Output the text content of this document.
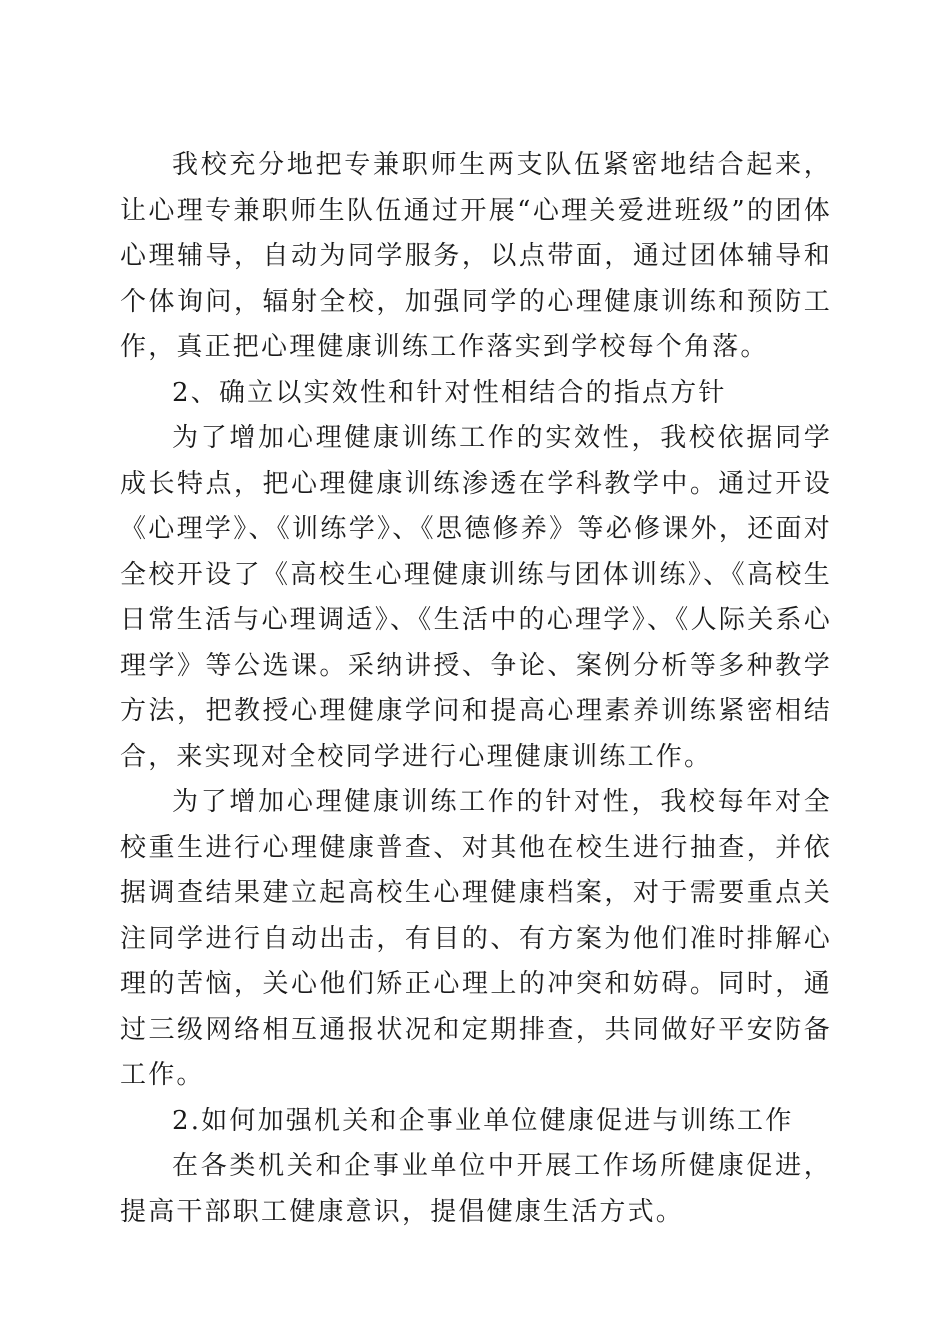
我校充分地把专兼职师生两支队伍紧密地结合起来，让心理专兼职师生队伍通过开展“心理关爱进班级”的团体心理辅导，自动为同学服务，以点带面，通过团体辅导和个体询问，辐射全校，加强同学的心理健康训练和预防工作，真正把心理健康训练工作落实到学校每个角落。

2、确立以实效性和针对性相结合的指点方针

为了增加心理健康训练工作的实效性，我校依据同学成长特点，把心理健康训练渗透在学科教学中。通过开设《心理学》、《训练学》、《思德修养》等必修课外，还面对全校开设了《高校生心理健康训练与团体训练》、《高校生日常生活与心理调适》、《生活中的心理学》、《人际关系心理学》等公选课。采纳讲授、争论、案例分析等多种教学方法，把教授心理健康学问和提高心理素养训练紧密相结合，来实现对全校同学进行心理健康训练工作。

为了增加心理健康训练工作的针对性，我校每年对全校重生进行心理健康普查、对其他在校生进行抽查，并依据调查结果建立起高校生心理健康档案，对于需要重点关注同学进行自动出击，有目的、有方案为他们准时排解心理的苦恼，关心他们矫正心理上的冲突和妨碍。同时，通过三级网络相互通报状况和定期排查，共同做好平安防备工作。

2.如何加强机关和企事业单位健康促进与训练工作

在各类机关和企事业单位中开展工作场所健康促进，提高干部职工健康意识，提倡健康生活方式。
